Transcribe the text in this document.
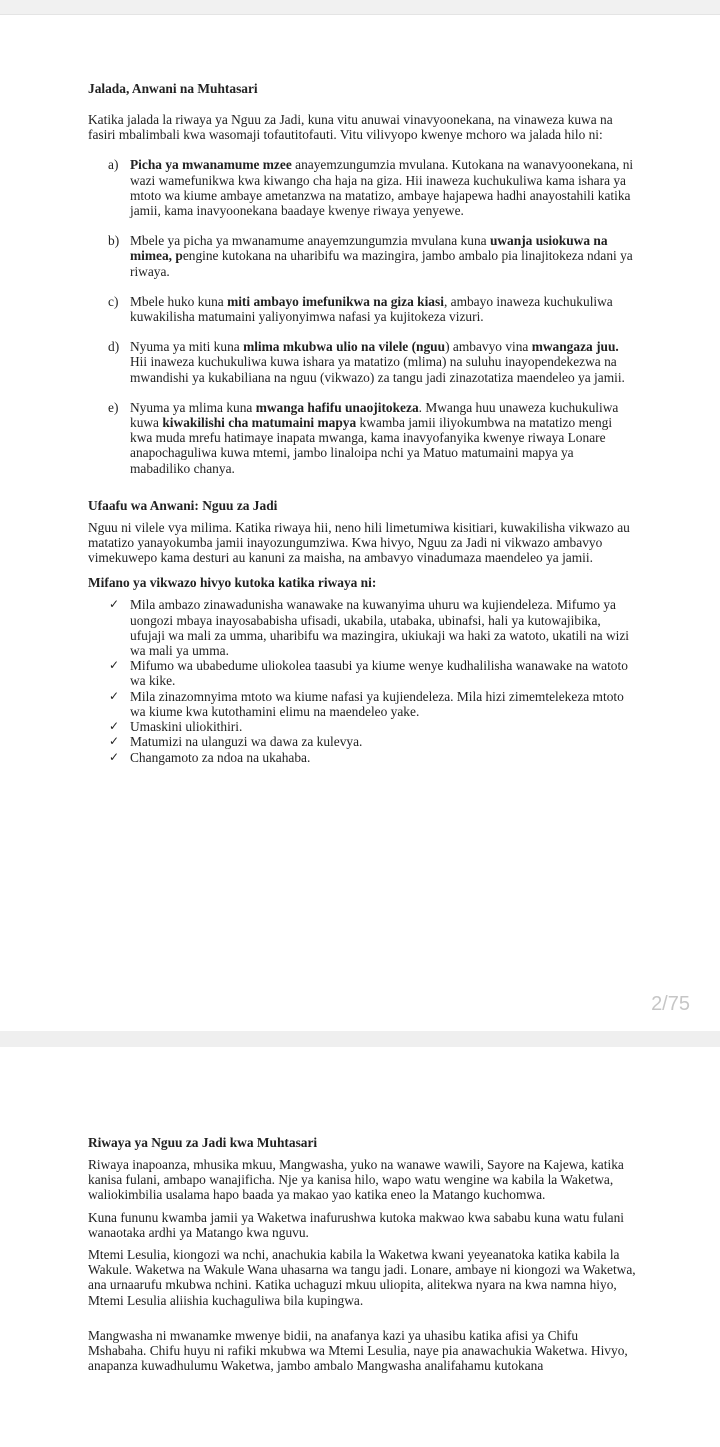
Jalada, Anwani na Muhtasari

Katika jalada la riwaya ya Nguu za Jadi, kuna vitu anuwai vinavyoonekana, na vinaweza kuwa na fasiri mbalimbali kwa wasomaji tofautitofauti. Vitu vilivyopo kwenye mchoro wa jalada hilo ni:

a) Picha ya mwanamume mzee anayemzungumzia mvulana. Kutokana na wanavyoonekana, ni wazi wamefunikwa kwa kiwango cha haja na giza. Hii inaweza kuchukuliwa kama ishara ya mtoto wa kiume ambaye ametanzwa na matatizo, ambaye hajapewa hadhi anayostahili katika jamii, kama inavyoonekana baadaye kwenye riwaya yenyewe.
b) Mbele ya picha ya mwanamume anayemzungumzia mvulana kuna uwanja usiokuwa na mimea, pengine kutokana na uharibifu wa mazingira, jambo ambalo pia linajitokeza ndani ya riwaya.
c) Mbele huko kuna miti ambayo imefunikwa na giza kiasi, ambayo inaweza kuchukuliwa kuwakilisha matumaini yaliyonyimwa nafasi ya kujitokeza vizuri.
d) Nyuma ya miti kuna mlima mkubwa ulio na vilele (nguu) ambavyo vina mwangaza juu. Hii inaweza kuchukuliwa kuwa ishara ya matatizo (mlima) na suluhu inayopendekezwa na mwandishi ya kukabiliana na nguu (vikwazo) za tangu jadi zinazotatiza maendeleo ya jamii.
e) Nyuma ya mlima kuna mwanga hafifu unaojitokeza. Mwanga huu unaweza kuchukuliwa kuwa kiwakilishi cha matumaini mapya kwamba jamii iliyokumbwa na matatizo mengi kwa muda mrefu hatimaye inapata mwanga, kama inavyofanyika kwenye riwaya Lonare anapochaguliwa kuwa mtemi, jambo linaloipa nchi ya Matuo matumaini mapya ya mabadiliko chanya.
Ufaafu wa Anwani: Nguu za Jadi

Nguu ni vilele vya milima. Katika riwaya hii, neno hili limetumiwa kisitiari, kuwakilisha vikwazo au matatizo yanayokumba jamii inayozungumziwa. Kwa hivyo, Nguu za Jadi ni vikwazo ambavyo vimekuwepo kama desturi au kanuni za maisha, na ambavyo vinadumaza maendeleo ya jamii.

Mifano ya vikwazo hivyo kutoka katika riwaya ni:
✓ Mila ambazo zinawadunisha wanawake na kuwanyima uhuru wa kujiendeleza. Mifumo ya uongozi mbaya inayosababisha ufisadi, ukabila, utabaka, ubinafsi, hali ya kutowajibika, ufujaji wa mali za umma, uharibifu wa mazingira, ukiukaji wa haki za watoto, ukatili na wizi wa mali ya umma.
✓ Mifumo wa ubabedume uliokolea taasubi ya kiume wenye kudhalilisha wanawake na watoto wa kike.
✓ Mila zinazomnyima mtoto wa kiume nafasi ya kujiendeleza. Mila hizi zimemtelekeza mtoto wa kiume kwa kutothamini elimu na maendeleo yake.
✓ Umaskini uliokithiri.
✓ Matumizi na ulanguzi wa dawa za kulevya.
✓ Changamoto za ndoa na ukahaba.
2/75
Riwaya ya Nguu za Jadi kwa Muhtasari

Riwaya inapoanza, mhusika mkuu, Mangwasha, yuko na wanawe wawili, Sayore na Kajewa, katika kanisa fulani, ambapo wanajificha. Nje ya kanisa hilo, wapo watu wengine wa kabila la Waketwa, waliokimbilia usalama hapo baada ya makao yao katika eneo la Matango kuchomwa.

Kuna fununu kwamba jamii ya Waketwa inafurushwa kutoka makwao kwa sababu kuna watu fulani wanaotaka ardhi ya Matango kwa nguvu.

Mtemi Lesulia, kiongozi wa nchi, anachukia kabila la Waketwa kwani yeyeanatoka katika kabila la Wakule. Waketwa na Wakule Wana uhasarna wa tangu jadi. Lonare, ambaye ni kiongozi wa Waketwa, ana urnaarufu mkubwa nchini. Katika uchaguzi mkuu uliopita, alitekwa nyara na kwa namna hiyo, Mtemi Lesulia aliishia kuchaguliwa bila kupingwa.

Mangwasha ni mwanamke mwenye bidii, na anafanya kazi ya uhasibu katika afisi ya Chifu Mshabaha. Chifu huyu ni rafiki mkubwa wa Mtemi Lesulia, naye pia anawachukia Waketwa. Hivyo, anapanza kuwadhulumu Waketwa, jambo ambalo Mangwasha analifahamu kutokana
